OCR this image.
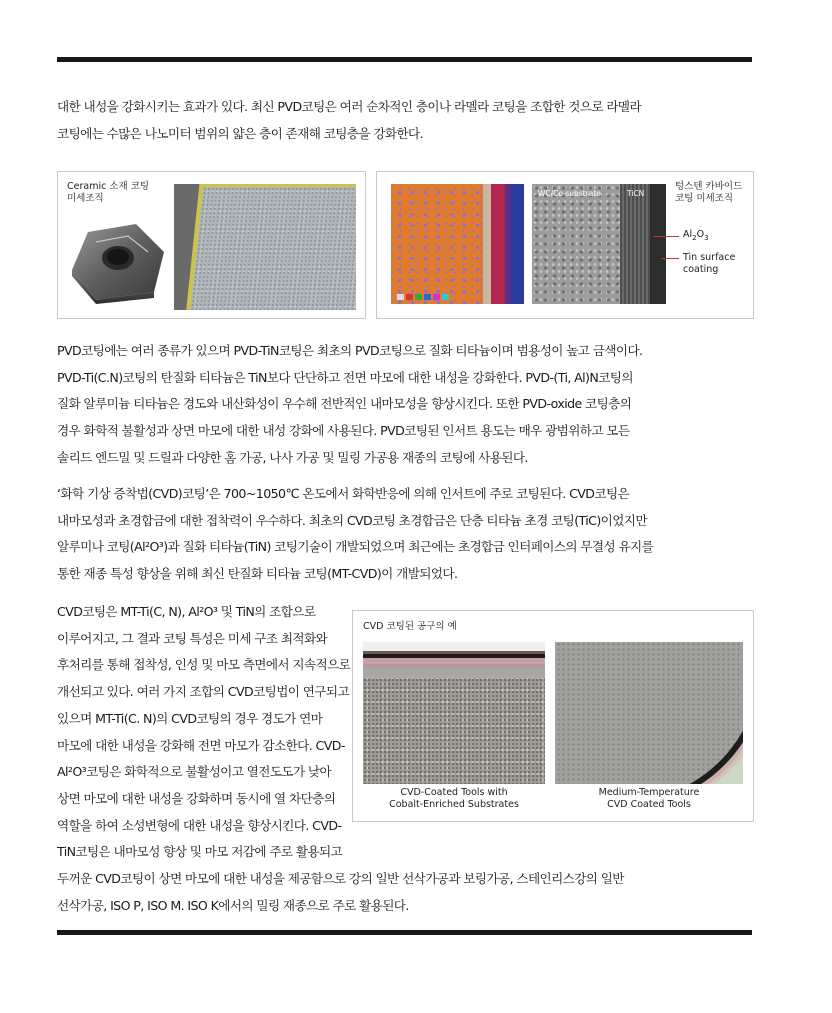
대한 내성을 강화시키는 효과가 있다. 최신 PVD코팅은 여러 순차적인 층이나 라멜라 코팅을 조합한 것으로 라멜라
코팅에는 수많은 나노미터 범위의 얇은 층이 존재해 코팅층을 강화한다.
Ceramic 소재 코팅
미세조직	WC/Co substrate	TiCN
텅스텐 카바이드
코팅 미세조직
$Al_2O_3$
Tin surface
coating
PVD코팅에는 여러 종류가 있으며 PVD-TiN코팅은 최초의 PVD코팅으로 질화 티타늄이며 범용성이 높고 금색이다.
PVD-Ti(C.N)코팅의 탄질화 티타늄은 TiN보다 단단하고 전면 마모에 대한 내성을 강화한다. PVD-(Ti, Al)N코팅의
질화 알루미늄 티타늄은 경도와 내산화성이 우수해 전반적인 내마모성을 향상시킨다. 또한 PVD-oxide 코팅층의
경우 화학적 불활성과 상면 마모에 대한 내성 강화에 사용된다. PVD코팅된 인서트 용도는 매우 광범위하고 모든
솔리드 엔드밀 및 드릴과 다양한 홈 가공, 나사 가공 및 밀링 가공용 재종의 코팅에 사용된다.
‘화학 기상 증착법(CVD)코팅’은 700~1050℃ 온도에서 화학반응에 의해 인서트에 주로 코팅된다. CVD코팅은
내마모성과 초경합금에 대한 접착력이 우수하다. 최초의 CVD코팅 초경합금은 단층 티타늄 초경 코팅(TiC)이었지만
알루미나 코팅(Al²O³)과 질화 티타늄(TiN) 코팅기술이 개발되었으며 최근에는 초경합금 인터페이스의 무결성 유지를
통한 재종 특성 향상을 위해 최신 탄질화 티타늄 코팅(MT-CVD)이 개발되었다.
CVD코팅은 MT-Ti(C, N), Al²O³ 및 TiN의 조합으로
이루어지고, 그 결과 코팅 특성은 미세 구조 최적화와
후처리를 통해 접착성, 인성 및 마모 측면에서 지속적으로
개선되고 있다. 여러 가지 조합의 CVD코팅법이 연구되고
있으며 MT-Ti(C. N)의 CVD코팅의 경우 경도가 연마
마모에 대한 내성을 강화해 전면 마모가 감소한다. CVD-
Al²O³코팅은 화학적으로 불활성이고 열전도도가 낮아
상면 마모에 대한 내성을 강화하며 동시에 열 차단층의
역할을 하여 소성변형에 대한 내성을 향상시킨다. CVD-
TiN코팅은 내마모성 향상 및 마모 저감에 주로 활용되고
두꺼운 CVD코팅이 상면 마모에 대한 내성을 제공함으로 강의 일반 선삭가공과 보링가공, 스테인리스강의 일반
선삭가공, ISO P, ISO M. ISO K에서의 밀링 재종으로 주로 활용된다.
CVD 코팅된 공구의 예
CVD-Coated Tools with
Cobalt-Enriched Substrates
Medium-Temperature
CVD Coated Tools
